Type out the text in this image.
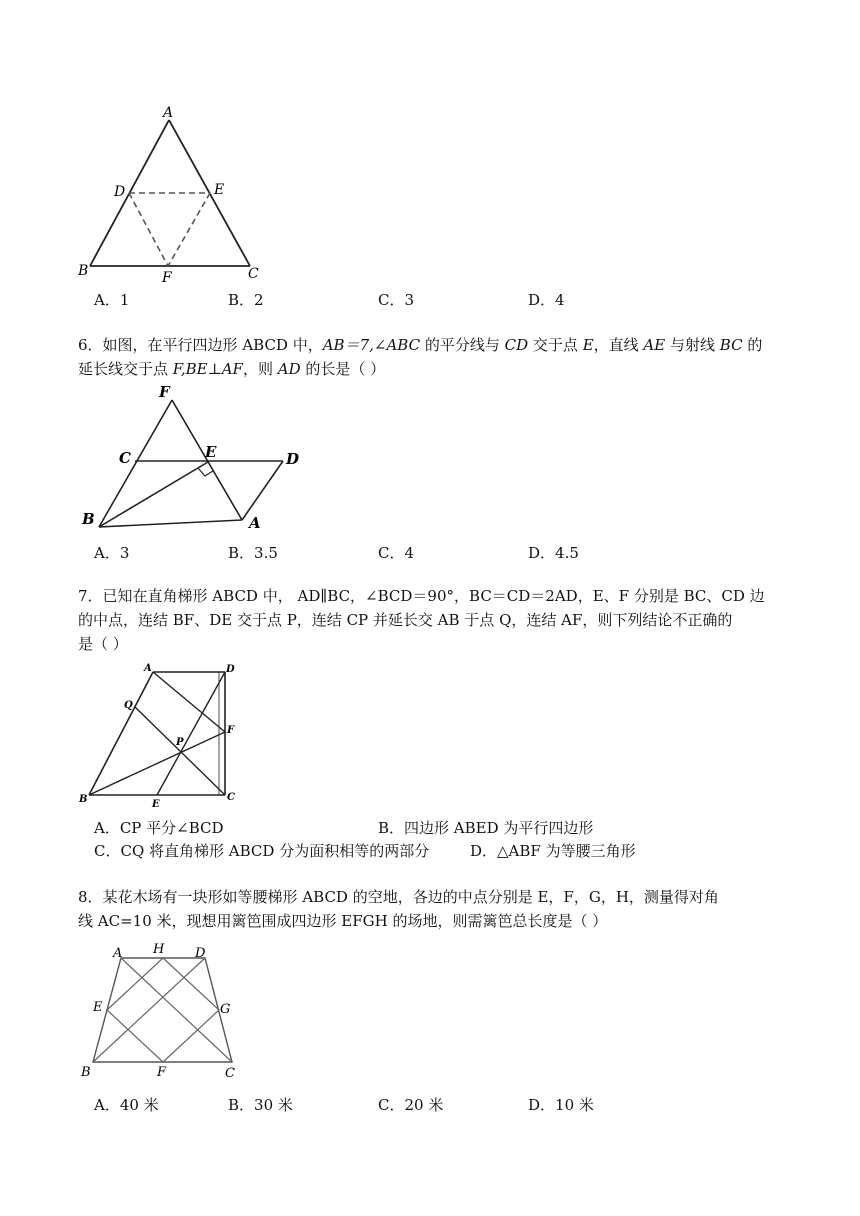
A
D	E
B	F	C
A．1	B．2	C．3	D．4
6．如图，在平行四边形 ABCD 中，AB＝7,∠ABC 的平分线与 CD 交于点 E，直线 AE 与射线 BC 的
延长线交于点 F,BE⊥AF，则 AD 的长是（ ）
F
C	E	D
B	A
A．3	B．3.5	C．4	D．4.5
7．已知在直角梯形 ABCD 中， AD∥BC，∠BCD＝90°，BC＝CD＝2AD，E、F 分别是 BC、CD 边
的中点，连结 BF、DE 交于点 P，连结 CP 并延长交 AB 于点 Q，连结 AF，则下列结论不正确的
是（ ）
A	D
Q
F
P
B	E
C
A．CP 平分∠BCD	B．四边形 ABED 为平行四边形
C．CQ 将直角梯形 ABCD 分为面积相等的两部分	D．△ABF 为等腰三角形
8．某花木场有一块形如等腰梯形 ABCD 的空地，各边的中点分别是 E，F，G，H，测量得对角
线 AC=10 米，现想用篱笆围成四边形 EFGH 的场地，则需篱笆总长度是（ ）
A H D
E	G
B	F	C
A．40 米	B．30 米	C．20 米	D．10 米
